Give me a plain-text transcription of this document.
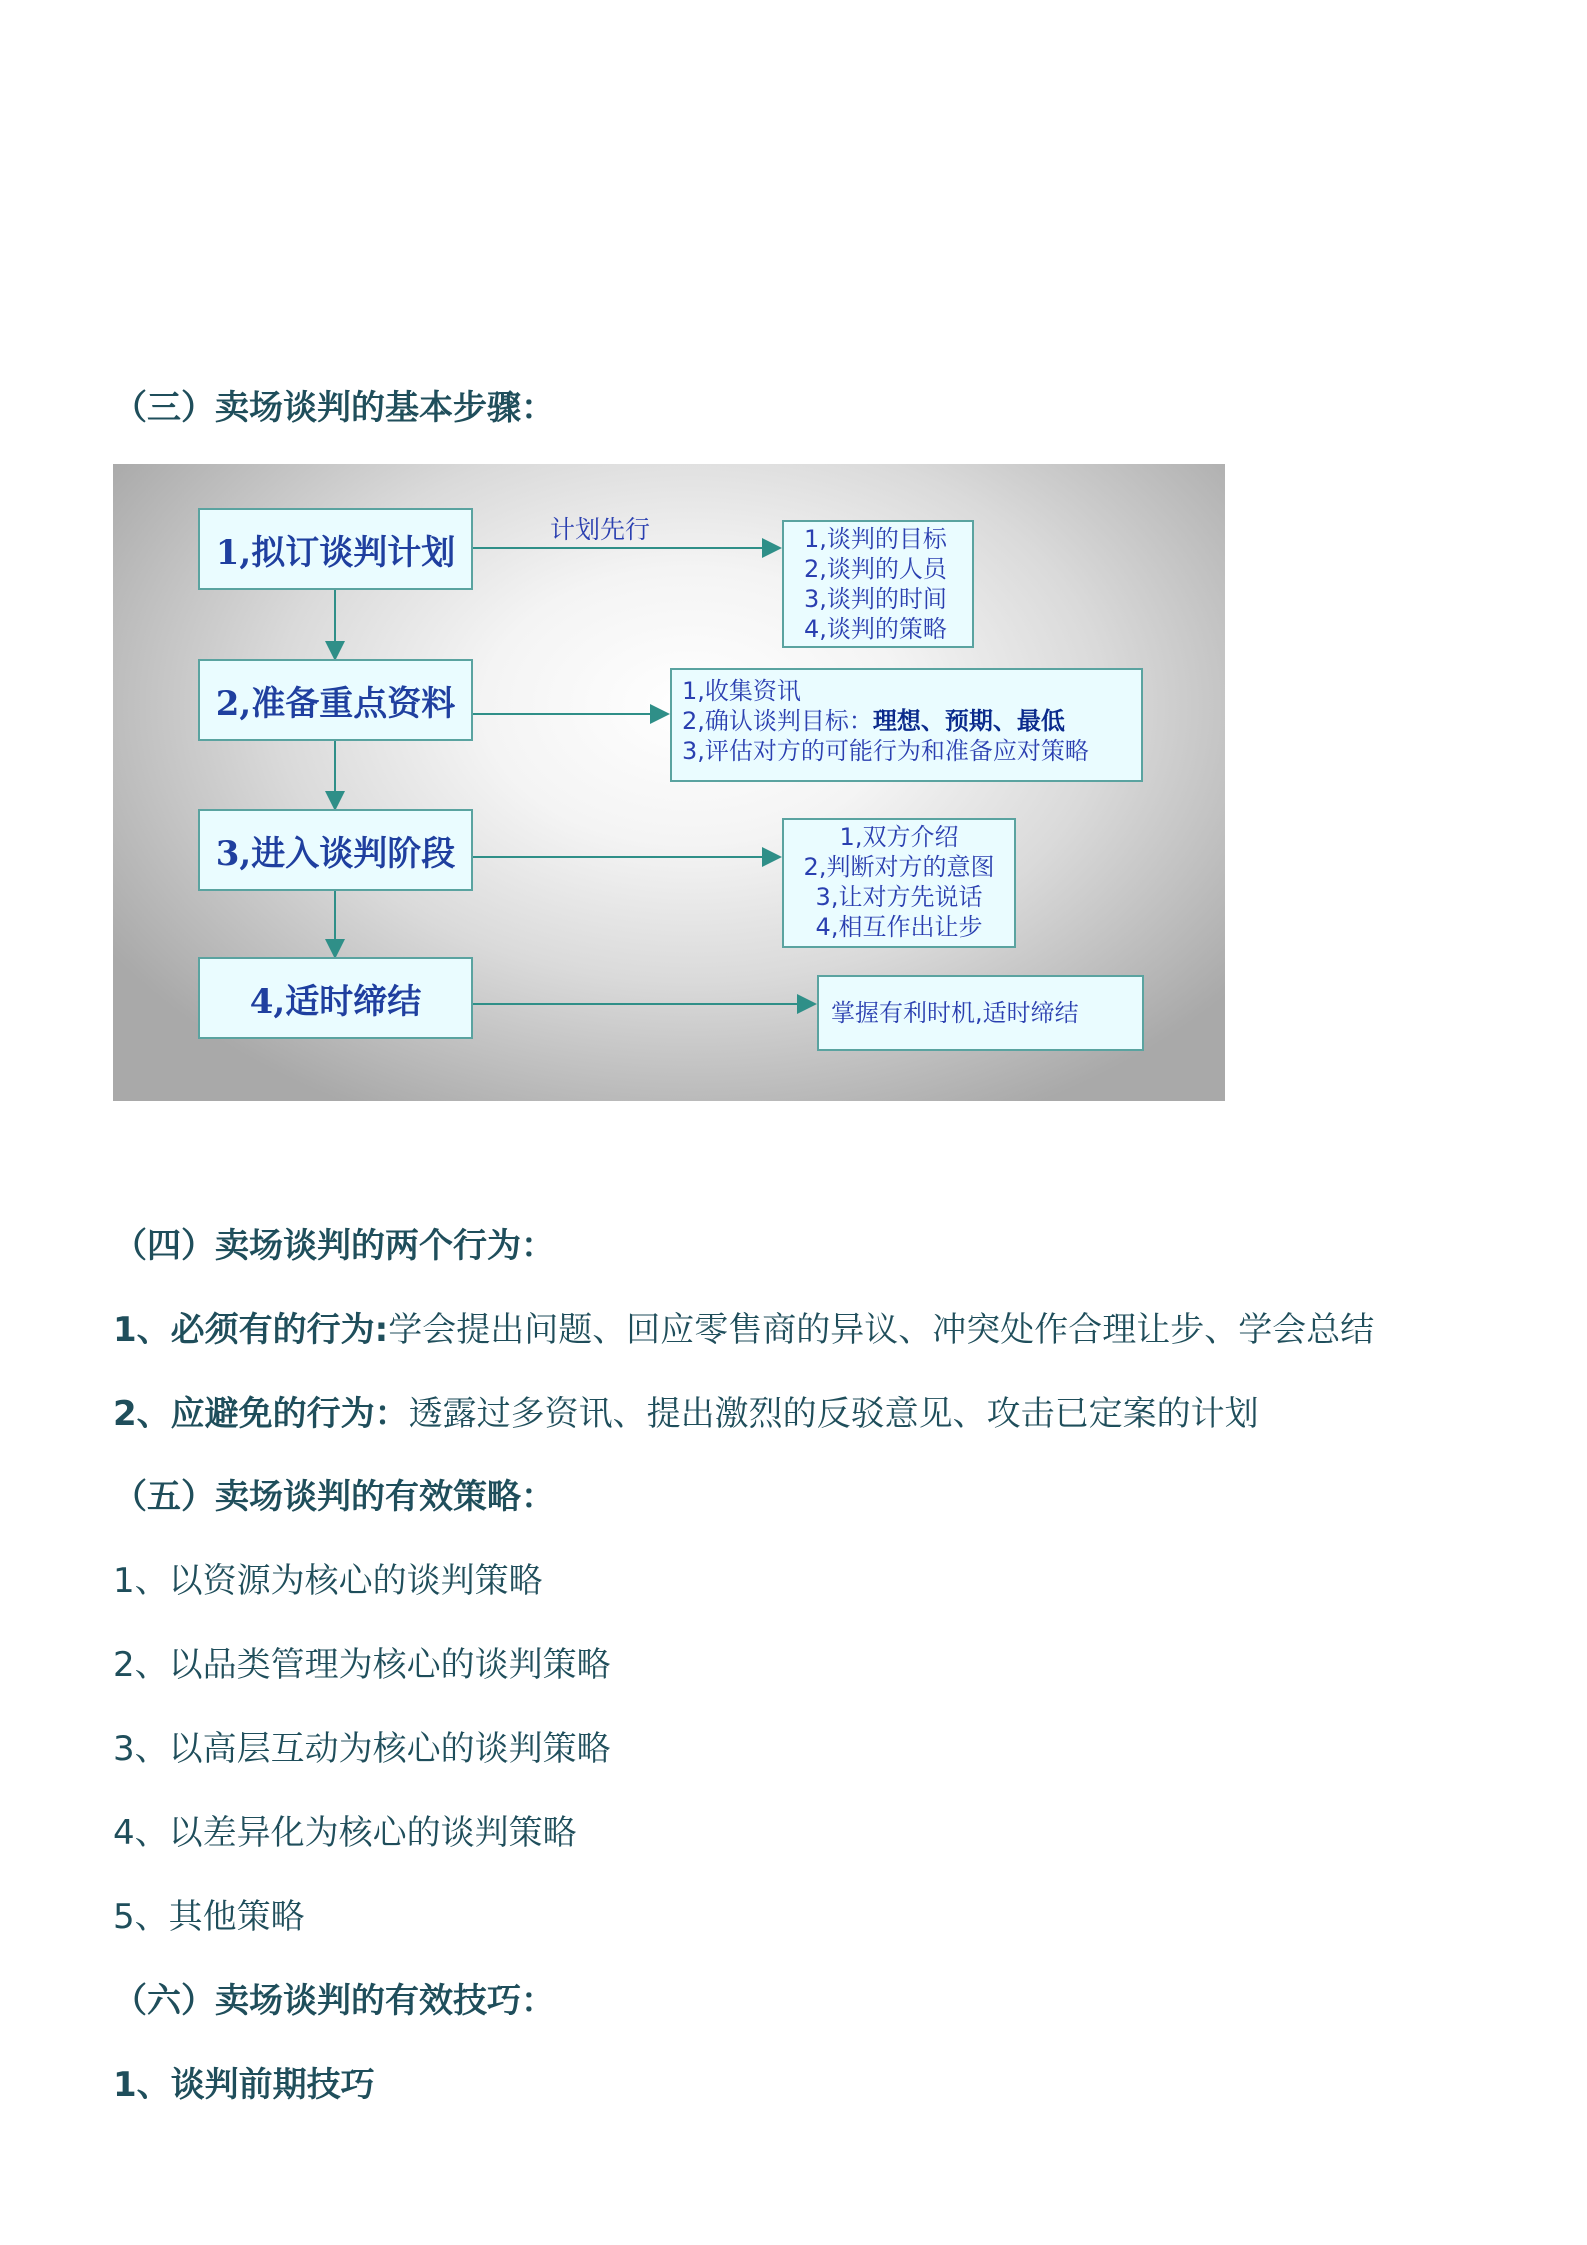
（三）卖场谈判的基本步骤：

计划先行
1,拟订谈判计划
2,准备重点资料
3,进入谈判阶段
4,适时缔结
1,谈判的目标
2,谈判的人员
3,谈判的时间
4,谈判的策略
1,收集资讯
2,确认谈判目标：理想、预期、最低
3,评估对方的可能行为和准备应对策略
1,双方介绍
2,判断对方的意图
3,让对方先说话
4,相互作出让步
掌握有利时机,适时缔结

（四）卖场谈判的两个行为：

1、必须有的行为:学会提出问题、回应零售商的异议、冲突处作合理让步、学会总结

2、应避免的行为：透露过多资讯、提出激烈的反驳意见、攻击已定案的计划

（五）卖场谈判的有效策略：

1、以资源为核心的谈判策略

2、以品类管理为核心的谈判策略

3、以高层互动为核心的谈判策略

4、以差异化为核心的谈判策略

5、其他策略

（六）卖场谈判的有效技巧：

1、谈判前期技巧
